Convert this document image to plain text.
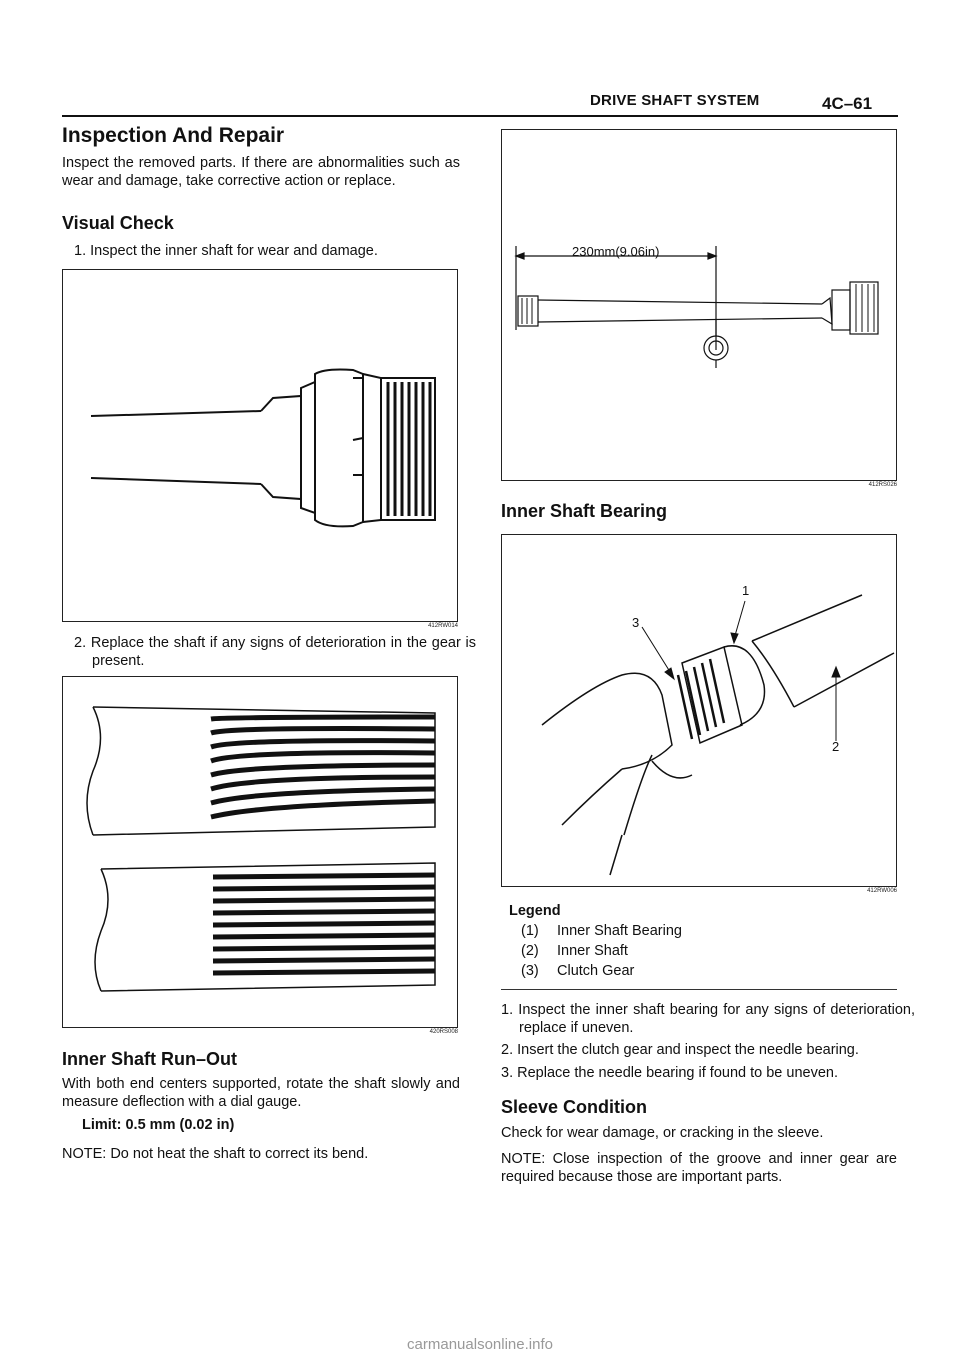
DRIVE SHAFT SYSTEM	4C–61
Inspection And Repair
Inspect the removed parts. If there are abnormalities such as wear and damage, take corrective action or replace.
Visual Check
1. Inspect the inner shaft for wear and damage.
412RW014
2. Replace the shaft if any signs of deterioration in the gear is present.
420RS008
Inner Shaft Run–Out
With both end centers supported, rotate the shaft slowly and measure deflection with a dial gauge.
Limit: 0.5 mm (0.02 in)
NOTE: Do not heat the shaft to correct its bend.
230mm(9.06in)
412RS026
Inner Shaft Bearing
1
2
3
412RW006
Legend
(1) Inner Shaft Bearing
(2) Inner Shaft
(3) Clutch Gear
1. Inspect the inner shaft bearing for any signs of deterioration, replace if uneven.
2. Insert the clutch gear and inspect the needle bearing.
3. Replace the needle bearing if found to be uneven.
Sleeve Condition
Check for wear damage, or cracking in the sleeve.
NOTE: Close inspection of the groove and inner gear are required because those are important parts.
carmanualsonline.info
